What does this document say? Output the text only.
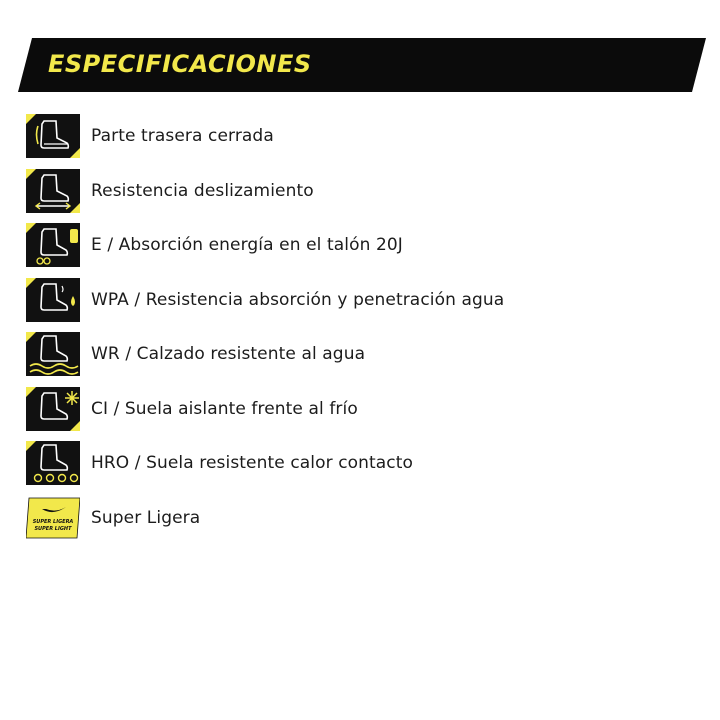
ESPECIFICACIONES
Parte trasera cerrada
Resistencia deslizamiento
E / Absorción energía en el talón 20J
WPA / Resistencia absorción y penetración agua
WR / Calzado resistente al agua
CI / Suela aislante frente al frío
HRO / Suela resistente calor contacto
SUPER LIGERA
SUPER LIGHT
Super Ligera
